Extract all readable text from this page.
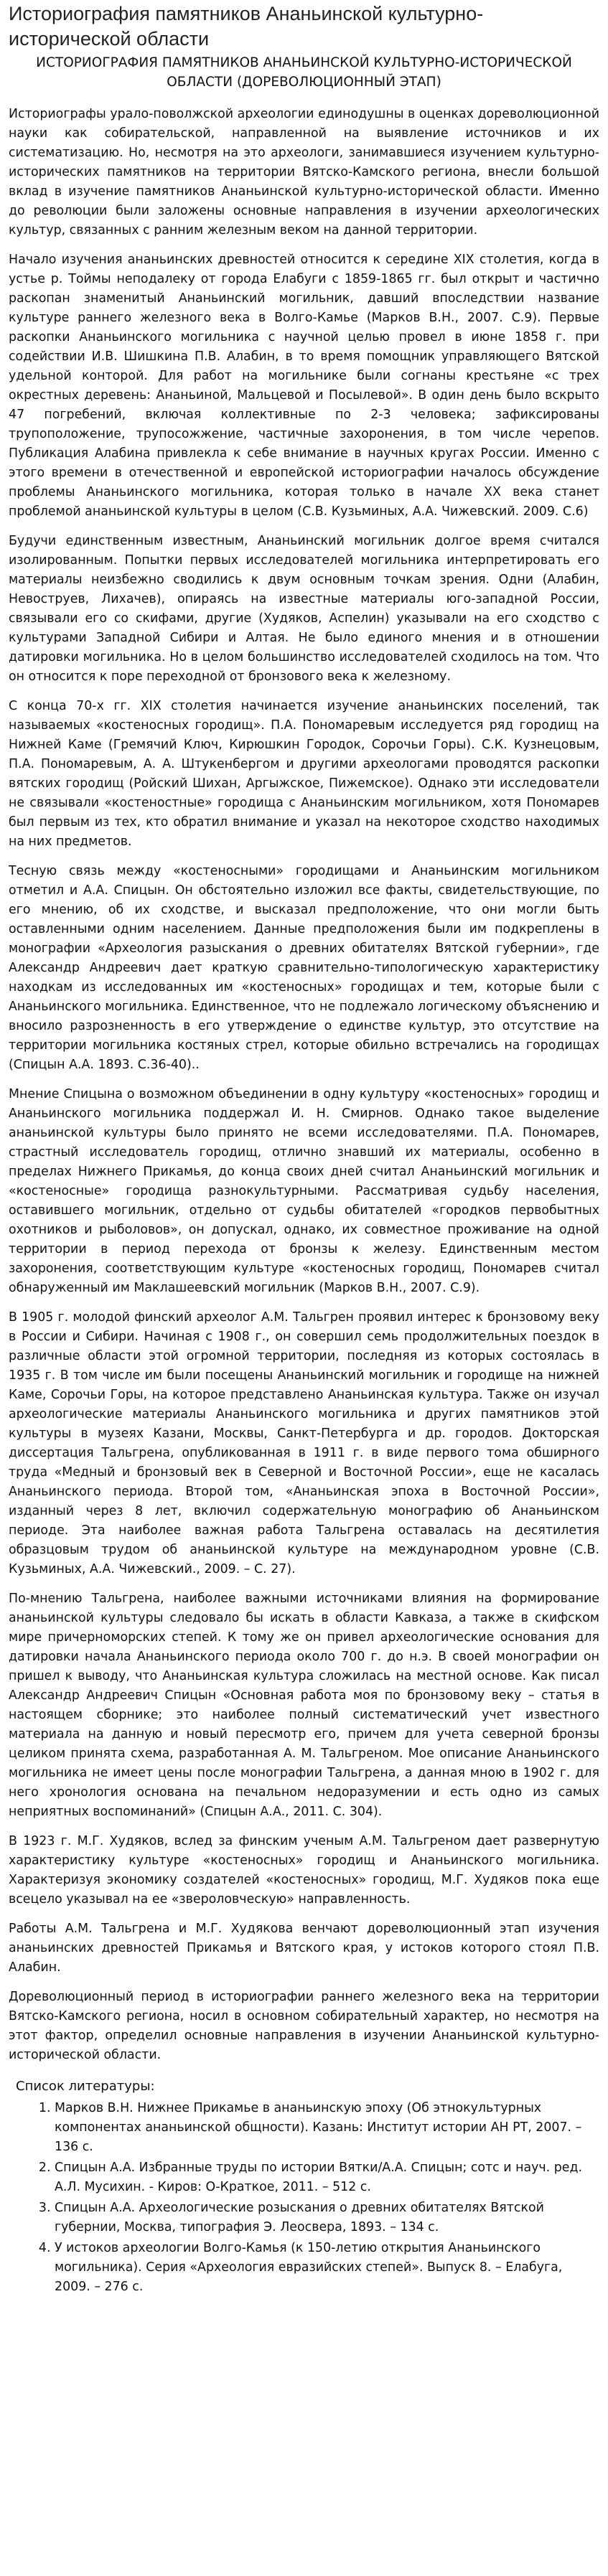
Историография памятников Ананьинской культурно-исторической области
ИСТОРИОГРАФИЯ ПАМЯТНИКОВ АНАНЬИНСКОЙ КУЛЬТУРНО-ИСТОРИЧЕСКОЙ ОБЛАСТИ (ДОРЕВОЛЮЦИОННЫЙ ЭТАП)

Историографы урало-поволжской археологии единодушны в оценках дореволюционной науки как собирательской, направленной на выявление источников и их систематизацию. Но, несмотря на это археологи, занимавшиеся изучением культурно-исторических памятников на территории Вятско-Камского региона, внесли большой вклад в изучение памятников Ананьинской культурно-исторической области. Именно до революции были заложены основные направления в изучении археологических культур, связанных с ранним железным веком на данной территории.

Начало изучения ананьинских древностей относится к середине XIX столетия, когда в устье р. Тоймы неподалеку от города Елабуги с 1859-1865 гг. был открыт и частично раскопан знаменитый Ананьинский могильник, давший впоследствии название культуре раннего железного века в Волго-Камье (Марков В.Н., 2007. С.9). Первые раскопки Ананьинского могильника с научной целью провел в июне 1858 г. при содействии И.В. Шишкина П.В. Алабин, в то время помощник управляющего Вятской удельной конторой. Для работ на могильнике были согнаны крестьяне «с трех окрестных деревень: Ананьиной, Мальцевой и Посылевой». В один день было вскрыто 47 погребений, включая коллективные по 2-3 человека; зафиксированы трупоположение, трупосожжение, частичные захоронения, в том числе черепов. Публикация Алабина привлекла к себе внимание в научных кругах России. Именно с этого времени в отечественной и европейской историографии началось обсуждение проблемы Ананьинского могильника, которая только в начале XX века станет проблемой ананьинской культуры в целом (С.В. Кузьминых, А.А. Чижевский. 2009. С.6)

Будучи единственным известным, Ананьинский могильник долгое время считался изолированным. Попытки первых исследователей могильника интерпретировать его материалы неизбежно сводились к двум основным точкам зрения. Одни (Алабин, Невоструев, Лихачев), опираясь на известные материалы юго-западной России, связывали его со скифами, другие (Худяков, Аспелин) указывали на его сходство с культурами Западной Сибири и Алтая. Не было единого мнения и в отношении датировки могильника. Но в целом большинство исследователей сходилось на том. Что он относится к поре переходной от бронзового века к железному.

С конца 70-х гг. XIX столетия начинается изучение ананьинских поселений, так называемых «костеносных городищ». П.А. Пономаревым исследуется ряд городищ на Нижней Каме (Гремячий Ключ, Кирюшкин Городок, Сорочьи Горы). С.К. Кузнецовым, П.А. Пономаревым, А. А. Штукенбергом и другими археологами проводятся раскопки вятских городищ (Ройский Шихан, Аргыжское, Пижемское). Однако эти исследователи не связывали «костеностные» городища с Ананьинским могильником, хотя Пономарев был первым из тех, кто обратил внимание и указал на некоторое сходство находимых на них предметов.

Тесную связь между «костеносными» городищами и Ананьинским могильником отметил и А.А. Спицын. Он обстоятельно изложил все факты, свидетельствующие, по его мнению, об их сходстве, и высказал предположение, что они могли быть оставленными одним населением. Данные предположения были им подкреплены в монографии «Археология разыскания о древних обитателях Вятской губернии», где Александр Андреевич дает краткую сравнительно-типологическую характеристику находкам из исследованных им «костеносных» городищах и тем, которые были с Ананьинского могильника. Единственное, что не подлежало логическому объяснению и вносило разрозненность в его утверждение о единстве культур, это отсутствие на территории могильника костяных стрел, которые обильно встречались на городищах (Спицын А.А. 1893. С.36-40)..

Мнение Спицына о возможном объединении в одну культуру «костеносных» городищ и Ананьинского могильника поддержал И. Н. Смирнов. Однако такое выделение ананьинской культуры было принято не всеми исследователями. П.А. Пономарев, страстный исследователь городищ, отлично знавший их материалы, особенно в пределах Нижнего Прикамья, до конца своих дней считал Ананьинский могильник и «костеносные» городища разнокультурными. Рассматривая судьбу населения, оставившего могильник, отдельно от судьбы обитателей «городков первобытных охотников и рыболовов», он допускал, однако, их совместное проживание на одной территории в период перехода от бронзы к железу. Единственным местом захоронения, соответствующим культуре «костеносных городищ, Пономарев считал обнаруженный им Маклашеевский могильник (Марков В.Н., 2007. С.9).

В 1905 г. молодой финский археолог А.М. Тальгрен проявил интерес к бронзовому веку в России и Сибири. Начиная с 1908 г., он совершил семь продолжительных поездок в различные области этой огромной территории, последняя из которых состоялась в 1935 г. В том числе им были посещены Ананьинский могильник и городище на нижней Каме, Сорочьи Горы, на которое представлено Ананьинская культура. Также он изучал археологические материалы Ананьинского могильника и других памятников этой культуры в музеях Казани, Москвы, Санкт-Петербурга и др. городов. Докторская диссертация Тальгрена, опубликованная в 1911 г. в виде первого тома обширного труда «Медный и бронзовый век в Северной и Восточной России», еще не касалась Ананьинского периода. Второй том, «Ананьинская эпоха в Восточной России», изданный через 8 лет, включил содержательную монографию об Ананьинском периоде. Эта наиболее важная работа Тальгрена оставалась на десятилетия образцовым трудом об ананьинской культуре на международном уровне (С.В. Кузьминых, А.А. Чижевский., 2009. – С. 27).

По-мнению Тальгрена, наиболее важными источниками влияния на формирование ананьинской культуры следовало бы искать в области Кавказа, а также в скифском мире причерноморских степей. К тому же он привел археологические основания для датировки начала Ананьинского периода около 700 г. до н.э. В своей монографии он пришел к выводу, что Ананьинская культура сложилась на местной основе. Как писал Александр Андреевич Спицын «Основная работа моя по бронзовому веку – статья в настоящем сборнике; это наиболее полный систематический учет известного материала на данную и новый пересмотр его, причем для учета северной бронзы целиком принята схема, разработанная А. М. Тальгреном. Мое описание Ананьинского могильника не имеет цены после монографии Тальгрена, а данная мною в 1902 г. для него хронология основана на печальном недоразумении и есть одно из самых неприятных воспоминаний» (Спицын А.А., 2011. С. 304).

В 1923 г. М.Г. Худяков, вслед за финским ученым А.М. Тальгреном дает развернутую характеристику культуре «костеносных» городищ и Ананьинского могильника. Характеризуя экономику создателей «костеносных» городищ, М.Г. Худяков пока еще всецело указывал на ее «звероловческую» направленность.

Работы А.М. Тальгрена и М.Г. Худякова венчают дореволюционный этап изучения ананьинских древностей Прикамья и Вятского края, у истоков которого стоял П.В. Алабин.

Дореволюционный период в историографии раннего железного века на территории Вятско-Камского региона, носил в основном собирательный характер, но несмотря на этот фактор, определил основные направления в изучении Ананьинской культурно-исторической области.

Список литературы:
1. Марков В.Н. Нижнее Прикамье в ананьинскую эпоху (Об этнокультурных компонентах ананьинской общности). Казань: Институт истории АН РТ, 2007. – 136 с.
2. Спицын А.А. Избранные труды по истории Вятки/А.А. Спицын; сотс и науч. ред. А.Л. Мусихин. - Киров: О-Краткое, 2011. – 512 с.
3. Спицын А.А. Археологические розыскания о древних обитателях Вятской губернии, Москва, типография Э. Леосвера, 1893. – 134 с.
4. У истоков археологии Волго-Камья (к 150-летию открытия Ананьинского могильника). Серия «Археология евразийских степей». Выпуск 8. – Елабуга, 2009. – 276 с.
